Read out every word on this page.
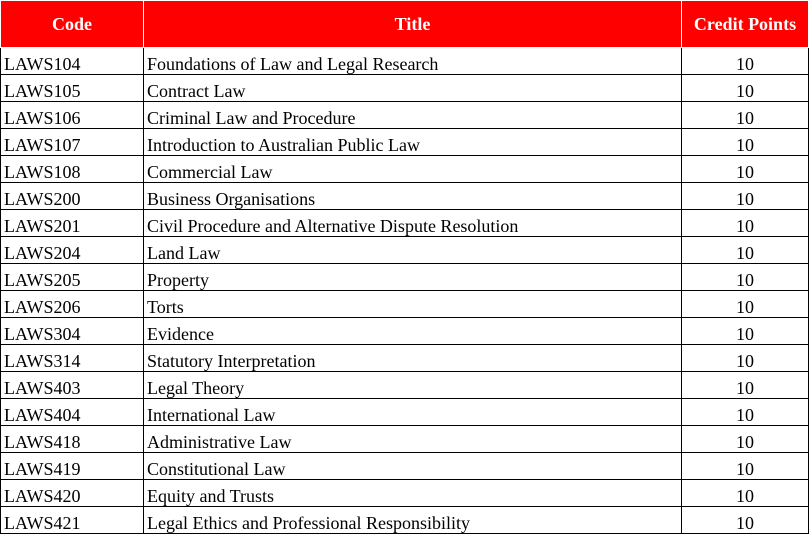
Code	Title	Credit Points
LAWS104	Foundations of Law and Legal Research	10
LAWS105	Contract Law	10
LAWS106	Criminal Law and Procedure	10
LAWS107	Introduction to Australian Public Law	10
LAWS108	Commercial Law	10
LAWS200	Business Organisations	10
LAWS201	Civil Procedure and Alternative Dispute Resolution	10
LAWS204	Land Law	10
LAWS205	Property	10
LAWS206	Torts	10
LAWS304	Evidence	10
LAWS314	Statutory Interpretation	10
LAWS403	Legal Theory	10
LAWS404	International Law	10
LAWS418	Administrative Law	10
LAWS419	Constitutional Law	10
LAWS420	Equity and Trusts	10
LAWS421	Legal Ethics and Professional Responsibility	10
